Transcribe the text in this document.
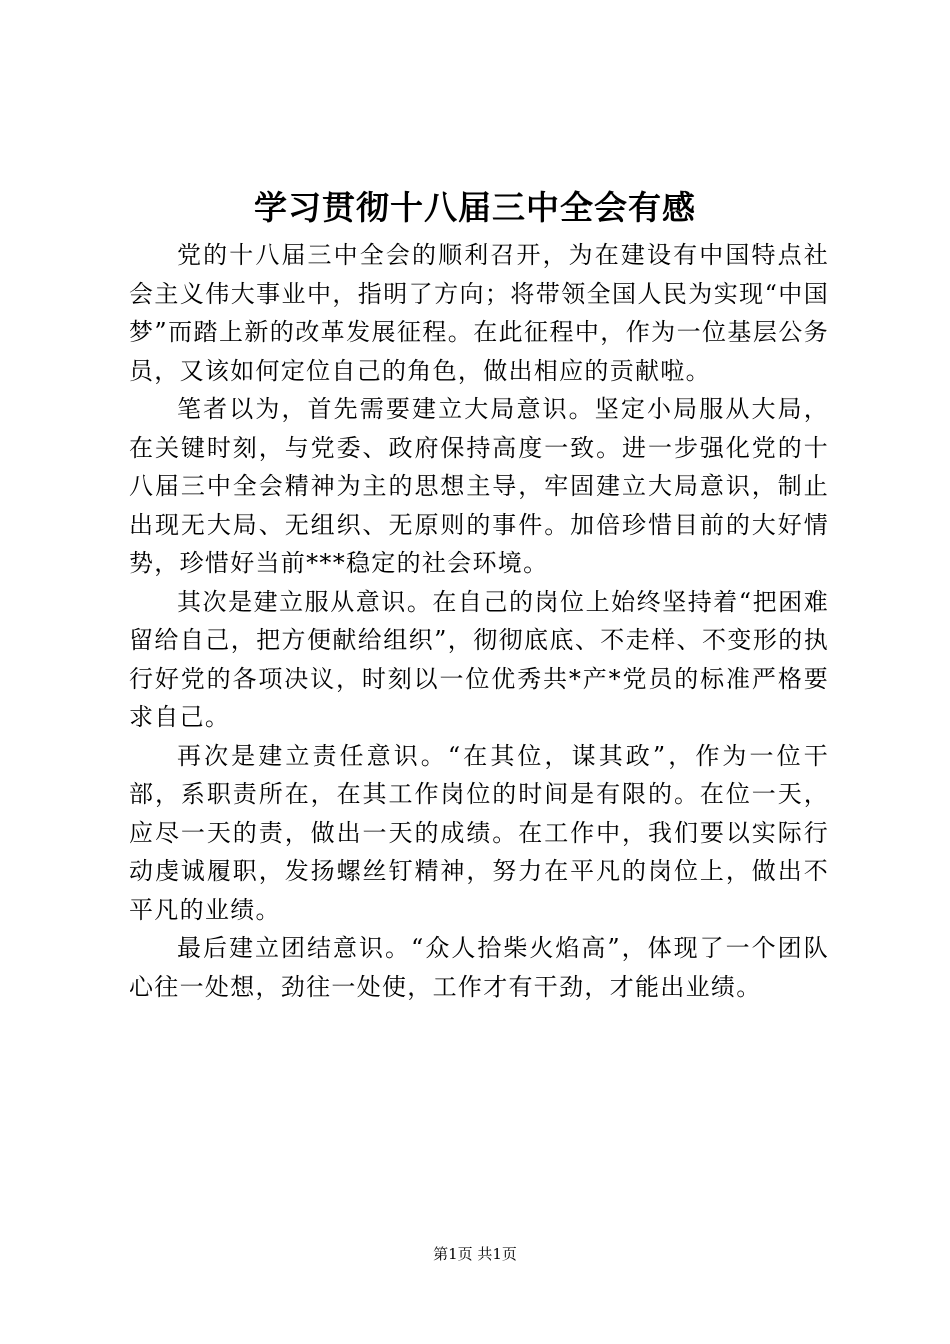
学习贯彻十八届三中全会有感

党的十八届三中全会的顺利召开，为在建设有中国特点社会主义伟大事业中，指明了方向；将带领全国人民为实现“中国梦”而踏上新的改革发展征程。在此征程中，作为一位基层公务员，又该如何定位自己的角色，做出相应的贡献啦。

笔者以为，首先需要建立大局意识。坚定小局服从大局，在关键时刻，与党委、政府保持高度一致。进一步强化党的十八届三中全会精神为主的思想主导，牢固建立大局意识，制止出现无大局、无组织、无原则的事件。加倍珍惜目前的大好情势，珍惜好当前***稳定的社会环境。

其次是建立服从意识。在自己的岗位上始终坚持着“把困难留给自己，把方便献给组织”，彻彻底底、不走样、不变形的执行好党的各项决议，时刻以一位优秀共*产*党员的标准严格要求自己。

再次是建立责任意识。“在其位，谋其政”，作为一位干部，系职责所在，在其工作岗位的时间是有限的。在位一天，应尽一天的责，做出一天的成绩。在工作中，我们要以实际行动虔诚履职，发扬螺丝钉精神，努力在平凡的岗位上，做出不平凡的业绩。

最后建立团结意识。“众人拾柴火焰高”，体现了一个团队心往一处想，劲往一处使，工作才有干劲，才能出业绩。

第1页 共1页
